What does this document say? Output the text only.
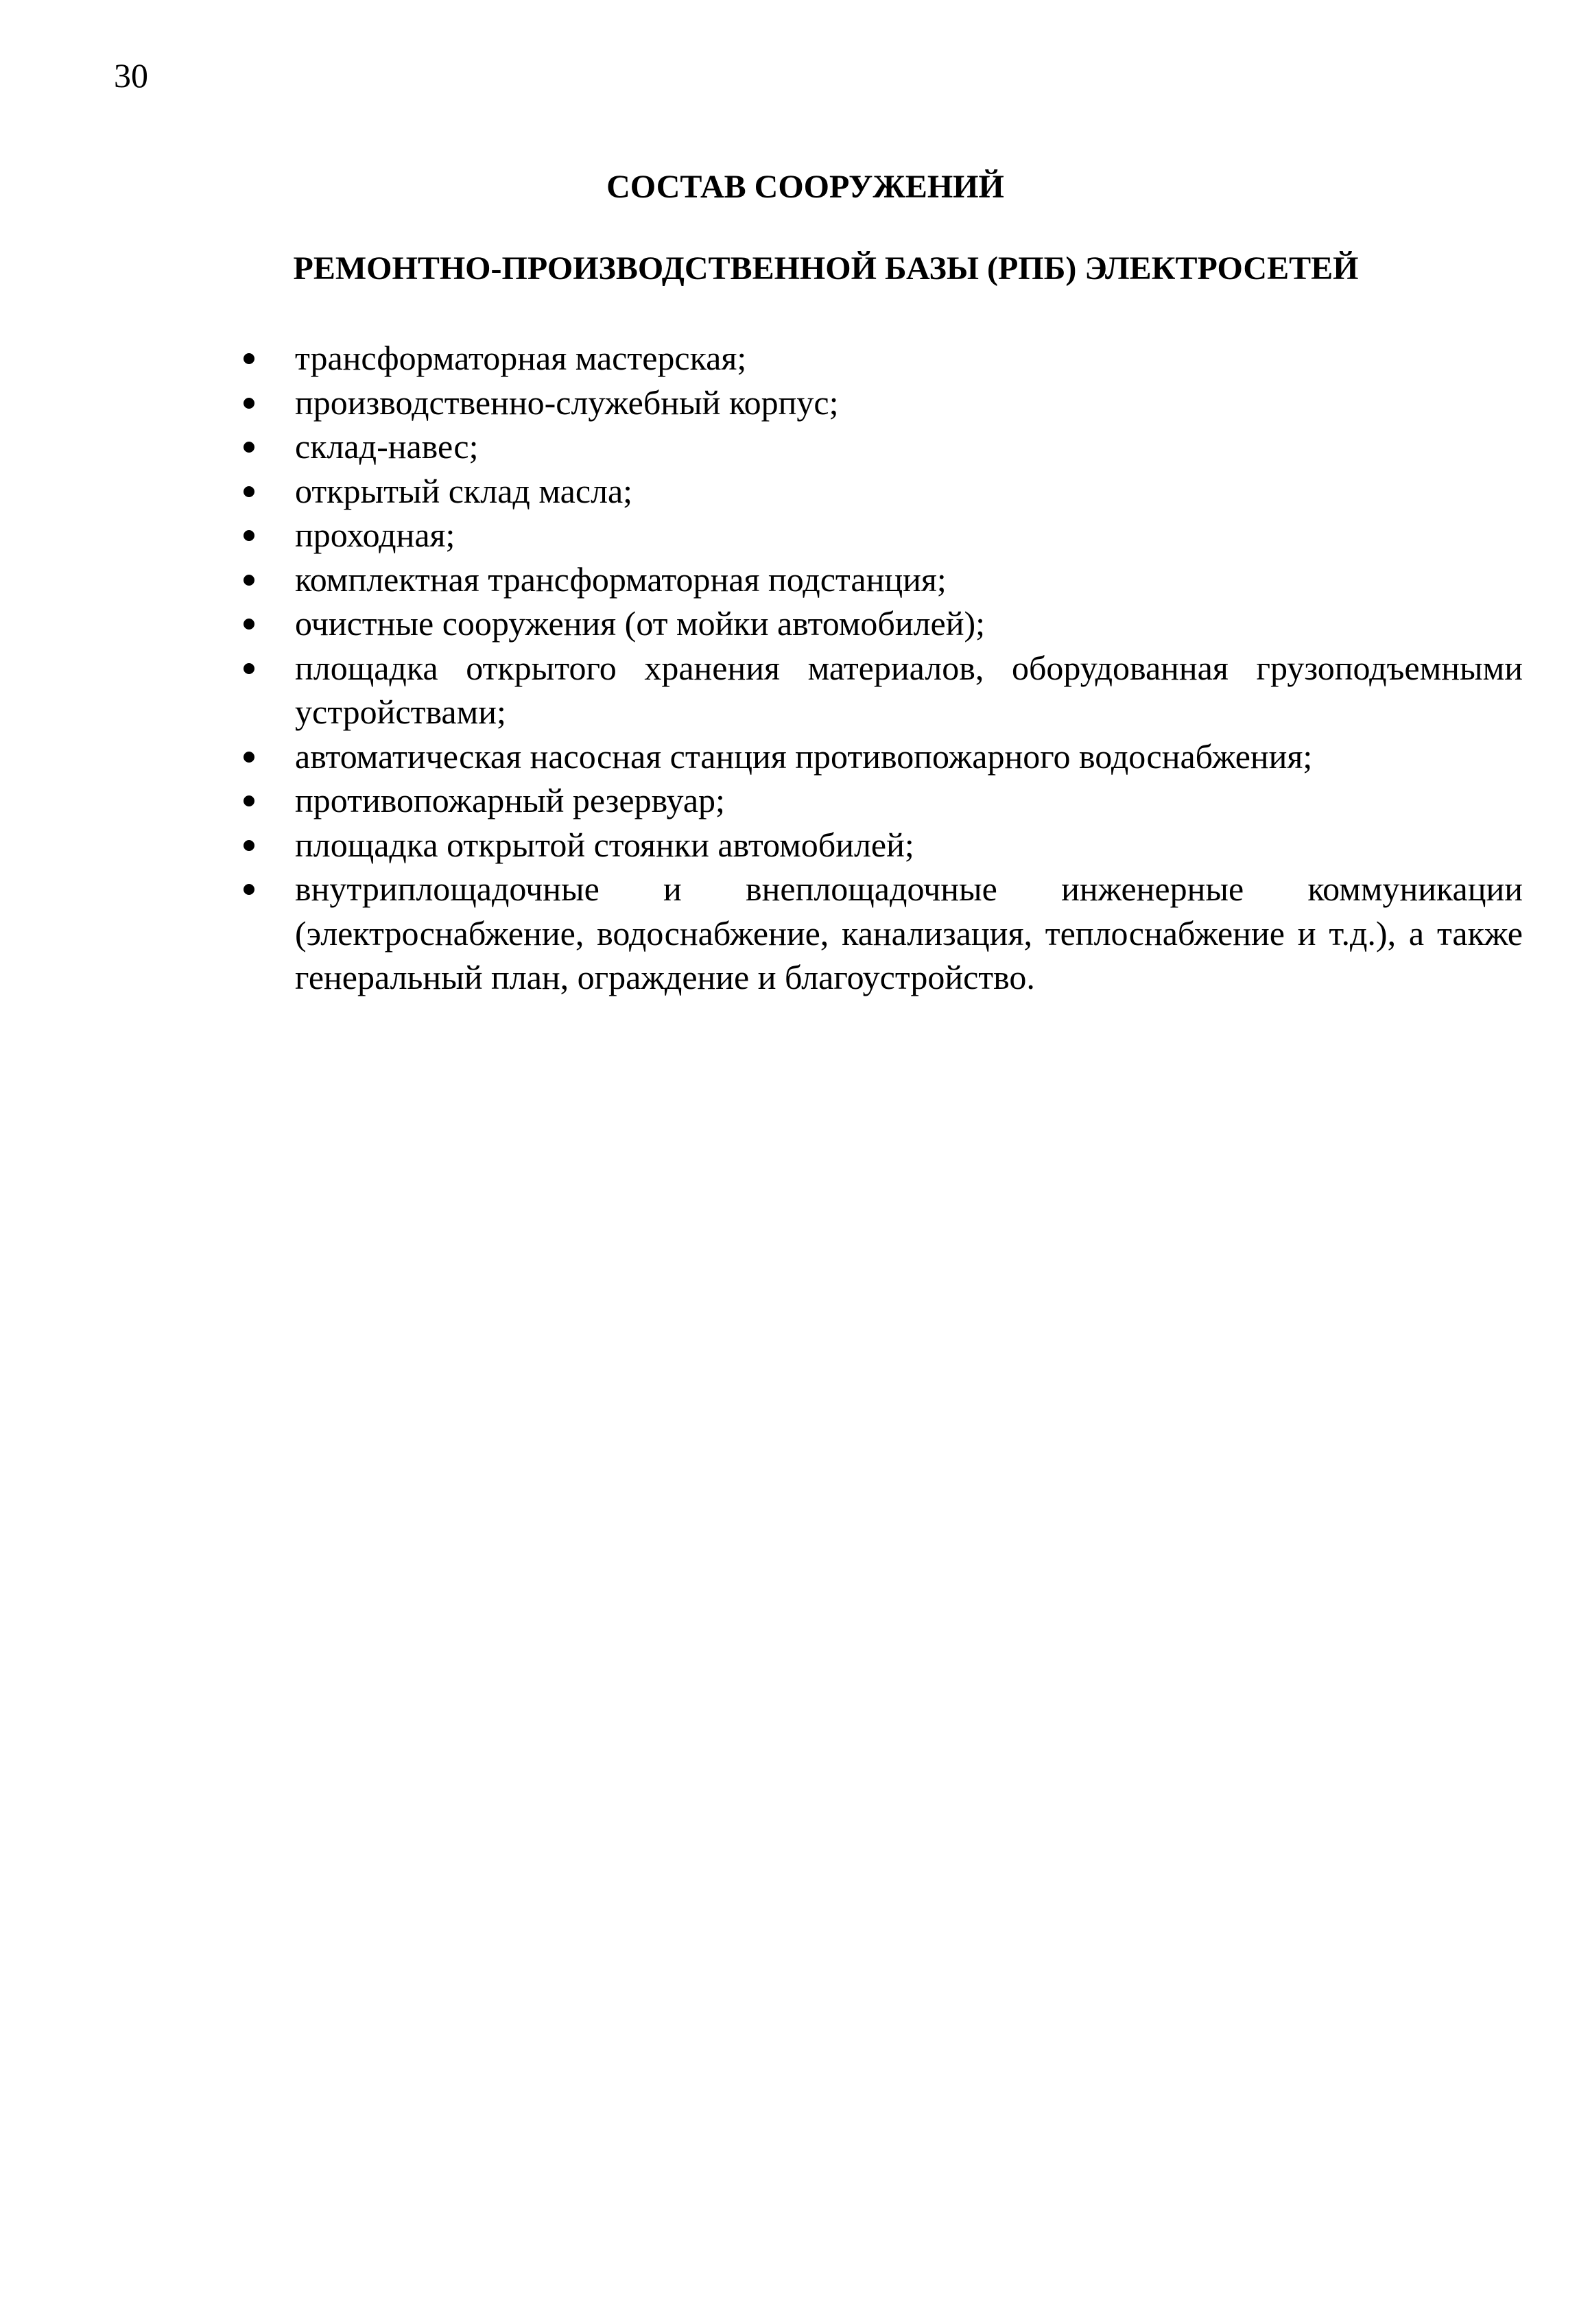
30
СОСТАВ СООРУЖЕНИЙ
РЕМОНТНО-ПРОИЗВОДСТВЕННОЙ БАЗЫ (РПБ) ЭЛЕКТРОСЕТЕЙ
трансформаторная мастерская;
производственно-служебный корпус;
склад-навес;
открытый склад масла;
проходная;
комплектная трансформаторная подстанция;
очистные сооружения (от мойки автомобилей);
площадка открытого хранения материалов, оборудованная грузоподъемными устройствами;
автоматическая насосная станция противопожарного водоснабжения;
противопожарный резервуар;
площадка открытой стоянки автомобилей;
внутриплощадочные и внеплощадочные инженерные коммуникации (электроснабжение, водоснабжение, канализация, теплоснабжение и т.д.), а также генеральный план, ограждение и благоустройство.
